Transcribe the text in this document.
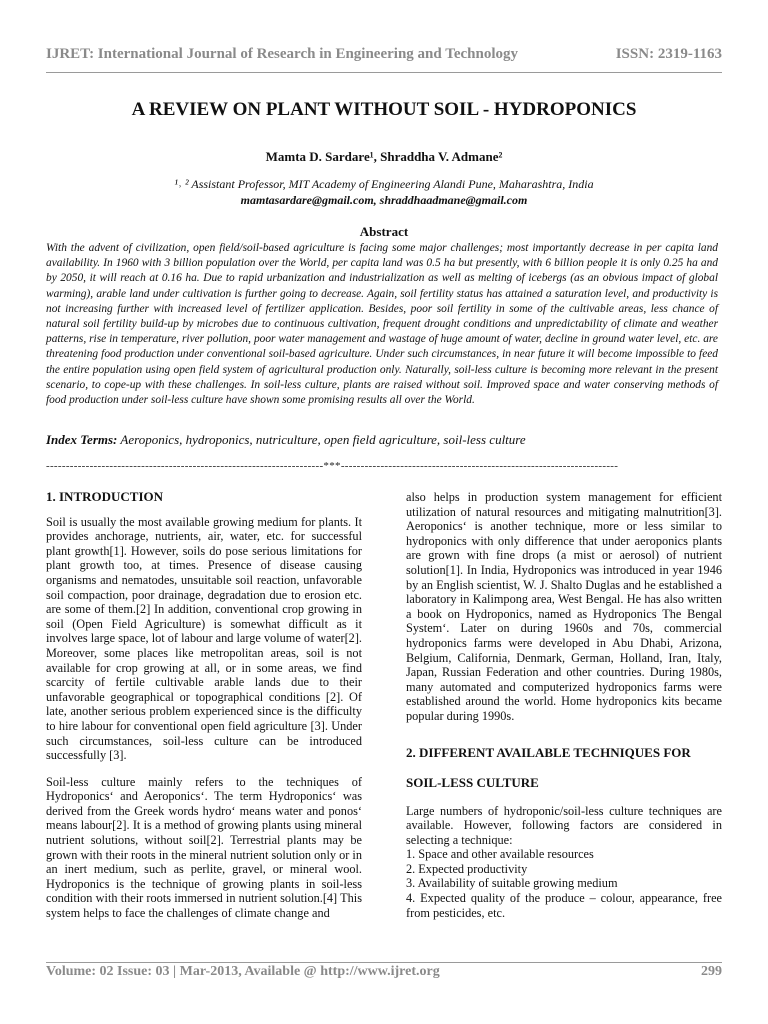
IJRET: International Journal of Research in Engineering and Technology	ISSN: 2319-1163
A REVIEW ON PLANT WITHOUT SOIL - HYDROPONICS
Mamta D. Sardare¹, Shraddha V. Admane²
¹˒ ² Assistant Professor, MIT Academy of Engineering Alandi Pune, Maharashtra, India
mamtasardare@gmail.com, shraddhaadmane@gmail.com
Abstract
With the advent of civilization, open field/soil-based agriculture is facing some major challenges; most importantly decrease in per capita land availability. In 1960 with 3 billion population over the World, per capita land was 0.5 ha but presently, with 6 billion people it is only 0.25 ha and by 2050, it will reach at 0.16 ha. Due to rapid urbanization and industrialization as well as melting of icebergs (as an obvious impact of global warming), arable land under cultivation is further going to decrease. Again, soil fertility status has attained a saturation level, and productivity is not increasing further with increased level of fertilizer application. Besides, poor soil fertility in some of the cultivable areas, less chance of natural soil fertility build-up by microbes due to continuous cultivation, frequent drought conditions and unpredictability of climate and weather patterns, rise in temperature, river pollution, poor water management and wastage of huge amount of water, decline in ground water level, etc. are threatening food production under conventional soil-based agriculture. Under such circumstances, in near future it will become impossible to feed the entire population using open field system of agricultural production only. Naturally, soil-less culture is becoming more relevant in the present scenario, to cope-up with these challenges. In soil-less culture, plants are raised without soil. Improved space and water conserving methods of food production under soil-less culture have shown some promising results all over the World.
Index Terms: Aeroponics, hydroponics, nutriculture, open field agriculture, soil-less culture
----------------------------------------------------------------------***----------------------------------------------------------------------
1. INTRODUCTION

Soil is usually the most available growing medium for plants. It provides anchorage, nutrients, air, water, etc. for successful plant growth[1]. However, soils do pose serious limitations for plant growth too, at times. Presence of disease causing organisms and nematodes, unsuitable soil reaction, unfavorable soil compaction, poor drainage, degradation due to erosion etc. are some of them.[2] In addition, conventional crop growing in soil (Open Field Agriculture) is somewhat difficult as it involves large space, lot of labour and large volume of water[2]. Moreover, some places like metropolitan areas, soil is not available for crop growing at all, or in some areas, we find scarcity of fertile cultivable arable lands due to their unfavorable geographical or topographical conditions [2]. Of late, another serious problem experienced since is the difficulty to hire labour for conventional open field agriculture [3]. Under such circumstances, soil-less culture can be introduced successfully [3].

Soil-less culture mainly refers to the techniques of Hydroponics‘ and Aeroponics‘. The term Hydroponics‘ was derived from the Greek words hydro‘ means water and ponos‘ means labour[2]. It is a method of growing plants using mineral nutrient solutions, without soil[2]. Terrestrial plants may be grown with their roots in the mineral nutrient solution only or in an inert medium, such as perlite, gravel, or mineral wool. Hydroponics is the technique of growing plants in soil-less condition with their roots immersed in nutrient solution.[4] This system helps to face the challenges of climate change and

also helps in production system management for efficient utilization of natural resources and mitigating malnutrition[3]. Aeroponics‘ is another technique, more or less similar to hydroponics with only difference that under aeroponics plants are grown with fine drops (a mist or aerosol) of nutrient solution[1]. In India, Hydroponics was introduced in year 1946 by an English scientist, W. J. Shalto Duglas and he established a laboratory in Kalimpong area, West Bengal. He has also written a book on Hydroponics, named as Hydroponics The Bengal System‘. Later on during 1960s and 70s, commercial hydroponics farms were developed in Abu Dhabi, Arizona, Belgium, California, Denmark, German, Holland, Iran, Italy, Japan, Russian Federation and other countries. During 1980s, many automated and computerized hydroponics farms were established around the world. Home hydroponics kits became popular during 1990s.

2. DIFFERENT AVAILABLE TECHNIQUES FOR
SOIL-LESS CULTURE

Large numbers of hydroponic/soil-less culture techniques are available. However, following factors are considered in selecting a technique:

1. Space and other available resources
2. Expected productivity
3. Availability of suitable growing medium
4. Expected quality of the produce – colour, appearance, free from pesticides, etc.
Volume: 02 Issue: 03 | Mar-2013, Available @ http://www.ijret.org	299
